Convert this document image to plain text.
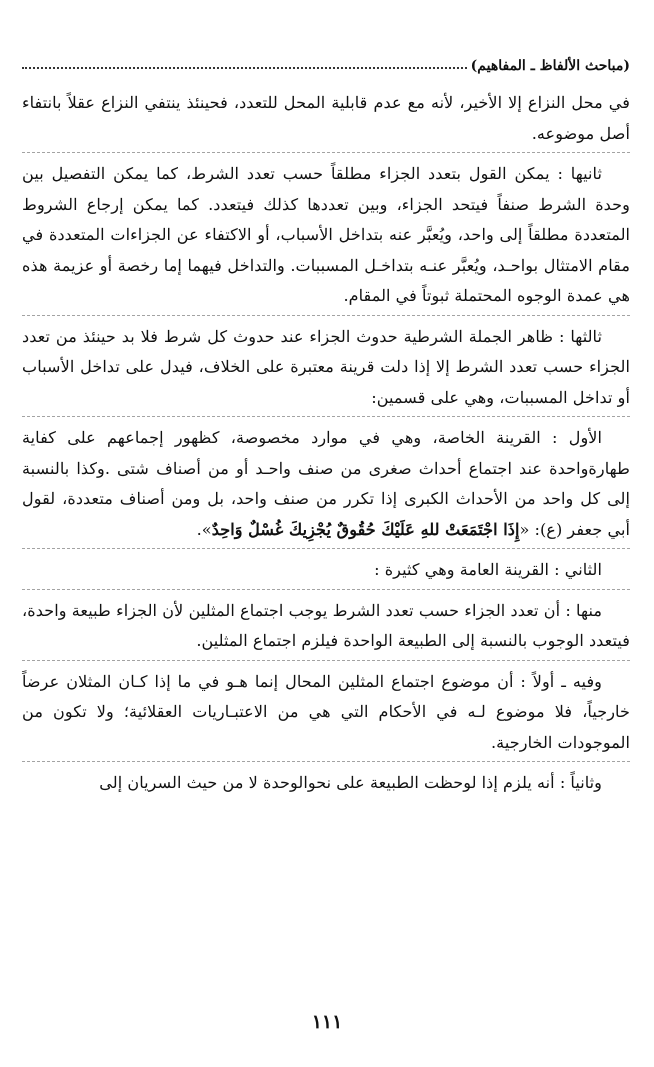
(مباحث الألفاظ ـ المفاهيم)

في محل النزاع إلا الأخير، لأنه مع عدم قابلية المحل للتعدد، فحينئذ ينتفي النزاع عقلاً بانتفاء أصل موضوعه.

ثانيها : يمكن القول بتعدد الجزاء مطلقاً حسب تعدد الشرط، كما يمكن التفصيل بين وحدة الشرط صنفاً فيتحد الجزاء، وبين تعددها كذلك فيتعدد. كما يمكن إرجاع الشروط المتعددة مطلقاً إلى واحد، ويُعبَّر عنه بتداخل الأسباب، أو الاكتفاء عن الجزاءات المتعددة في مقام الامتثال بواحـد، ويُعبَّر عنـه بتداخـل المسببات. والتداخل فيهما إما رخصة أو عزيمة هذه هي عمدة الوجوه المحتملة ثبوتاً في المقام.

ثالثها : ظاهر الجملة الشرطية حدوث الجزاء عند حدوث كل شرط فلا بد حينئذ من تعدد الجزاء حسب تعدد الشرط إلا إذا دلت قرينة معتبرة على الخلاف، فيدل على تداخل الأسباب أو تداخل المسببات، وهي على قسمين:

الأول : القرينة الخاصة، وهي في موارد مخصوصة، كظهور إجماعهم على كفاية طهارةواحدة عند اجتماع أحداث صغرى من صنف واحـد أو من أصناف شتى .وكذا بالنسبة إلى كل واحد من الأحداث الكبرى إذا تكرر من صنف واحد، بل ومن أصناف متعددة، لقول أبي جعفر (ع): «إِذَا اجْتَمَعَتْ للهِ عَلَيْكَ حُقُوقٌ يُجْزِيكَ غُسْلٌ وَاحِدٌ».

الثاني : القرينة العامة وهي كثيرة :

منها : أن تعدد الجزاء حسب تعدد الشرط يوجب اجتماع المثلين لأن الجزاء طبيعة واحدة، فيتعدد الوجوب بالنسبة إلى الطبيعة الواحدة فيلزم اجتماع المثلين.

وفيه ـ أولاً : أن موضوع اجتماع المثلين المحال إنما هـو في ما إذا كـان المثلان عرضاً خارجياً، فلا موضوع لـه في الأحكام التي هي من الاعتبـاريات العقلائية؛ ولا تكون من الموجودات الخارجية.

وثانياً : أنه يلزم إذا لوحظت الطبيعة على نحوالوحدة لا من حيث السريان إلى

١١١
